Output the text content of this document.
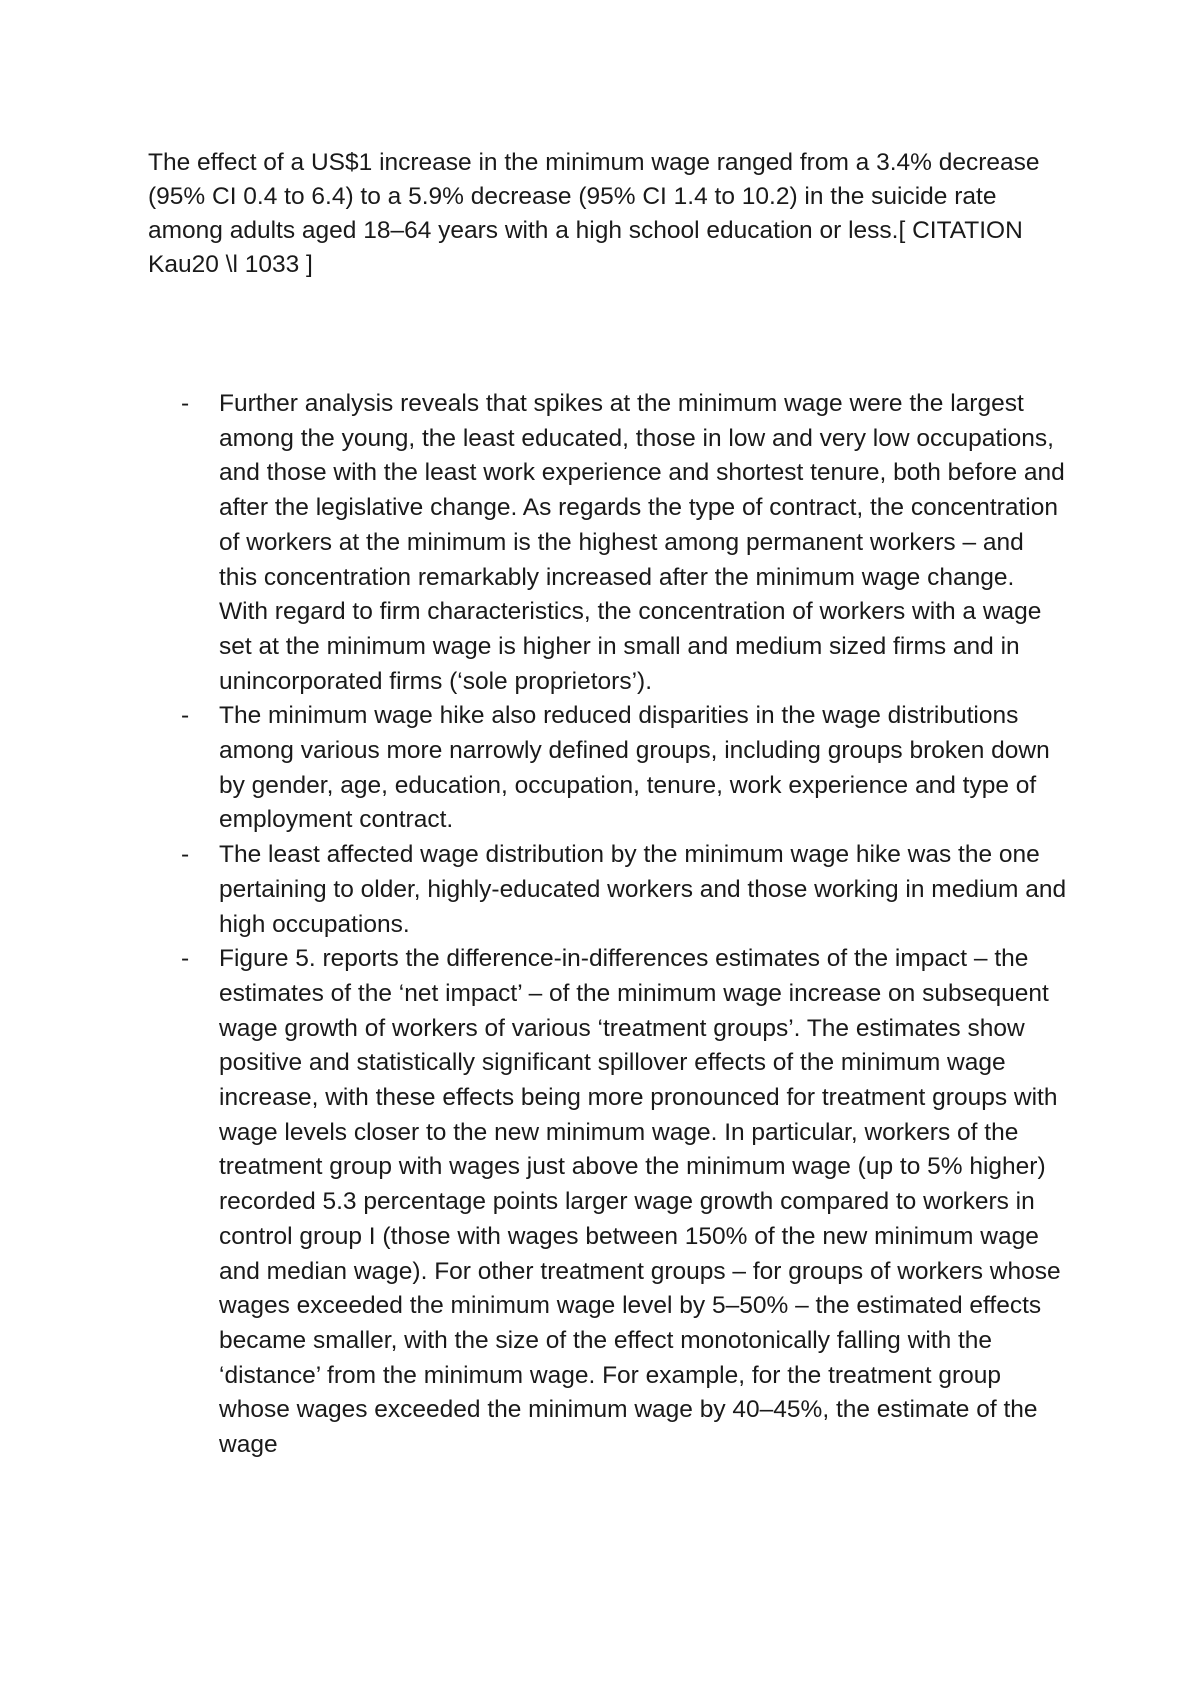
The effect of a US$1 increase in the minimum wage ranged from a 3.4% decrease (95% CI 0.4 to 6.4) to a 5.9% decrease (95% CI 1.4 to 10.2) in the suicide rate among adults aged 18–64 years with a high school education or less.[ CITATION Kau20 \l 1033 ]

- Further analysis reveals that spikes at the minimum wage were the largest among the young, the least educated, those in low and very low occupations, and those with the least work experience and shortest tenure, both before and after the legislative change. As regards the type of contract, the concentration of workers at the minimum is the highest among permanent workers – and this concentration remarkably increased after the minimum wage change. With regard to firm characteristics, the concentration of workers with a wage set at the minimum wage is higher in small and medium sized firms and in unincorporated firms (‘sole proprietors’).
- The minimum wage hike also reduced disparities in the wage distributions among various more narrowly defined groups, including groups broken down by gender, age, education, occupation, tenure, work experience and type of employment contract.
- The least affected wage distribution by the minimum wage hike was the one pertaining to older, highly-educated workers and those working in medium and high occupations.
- Figure 5. reports the difference-in-differences estimates of the impact – the estimates of the ‘net impact’ – of the minimum wage increase on subsequent wage growth of workers of various ‘treatment groups’. The estimates show positive and statistically significant spillover effects of the minimum wage increase, with these effects being more pronounced for treatment groups with wage levels closer to the new minimum wage. In particular, workers of the treatment group with wages just above the minimum wage (up to 5% higher) recorded 5.3 percentage points larger wage growth compared to workers in control group I (those with wages between 150% of the new minimum wage and median wage). For other treatment groups – for groups of workers whose wages exceeded the minimum wage level by 5–50% – the estimated effects became smaller, with the size of the effect monotonically falling with the ‘distance’ from the minimum wage. For example, for the treatment group whose wages exceeded the minimum wage by 40–45%, the estimate of the wage
